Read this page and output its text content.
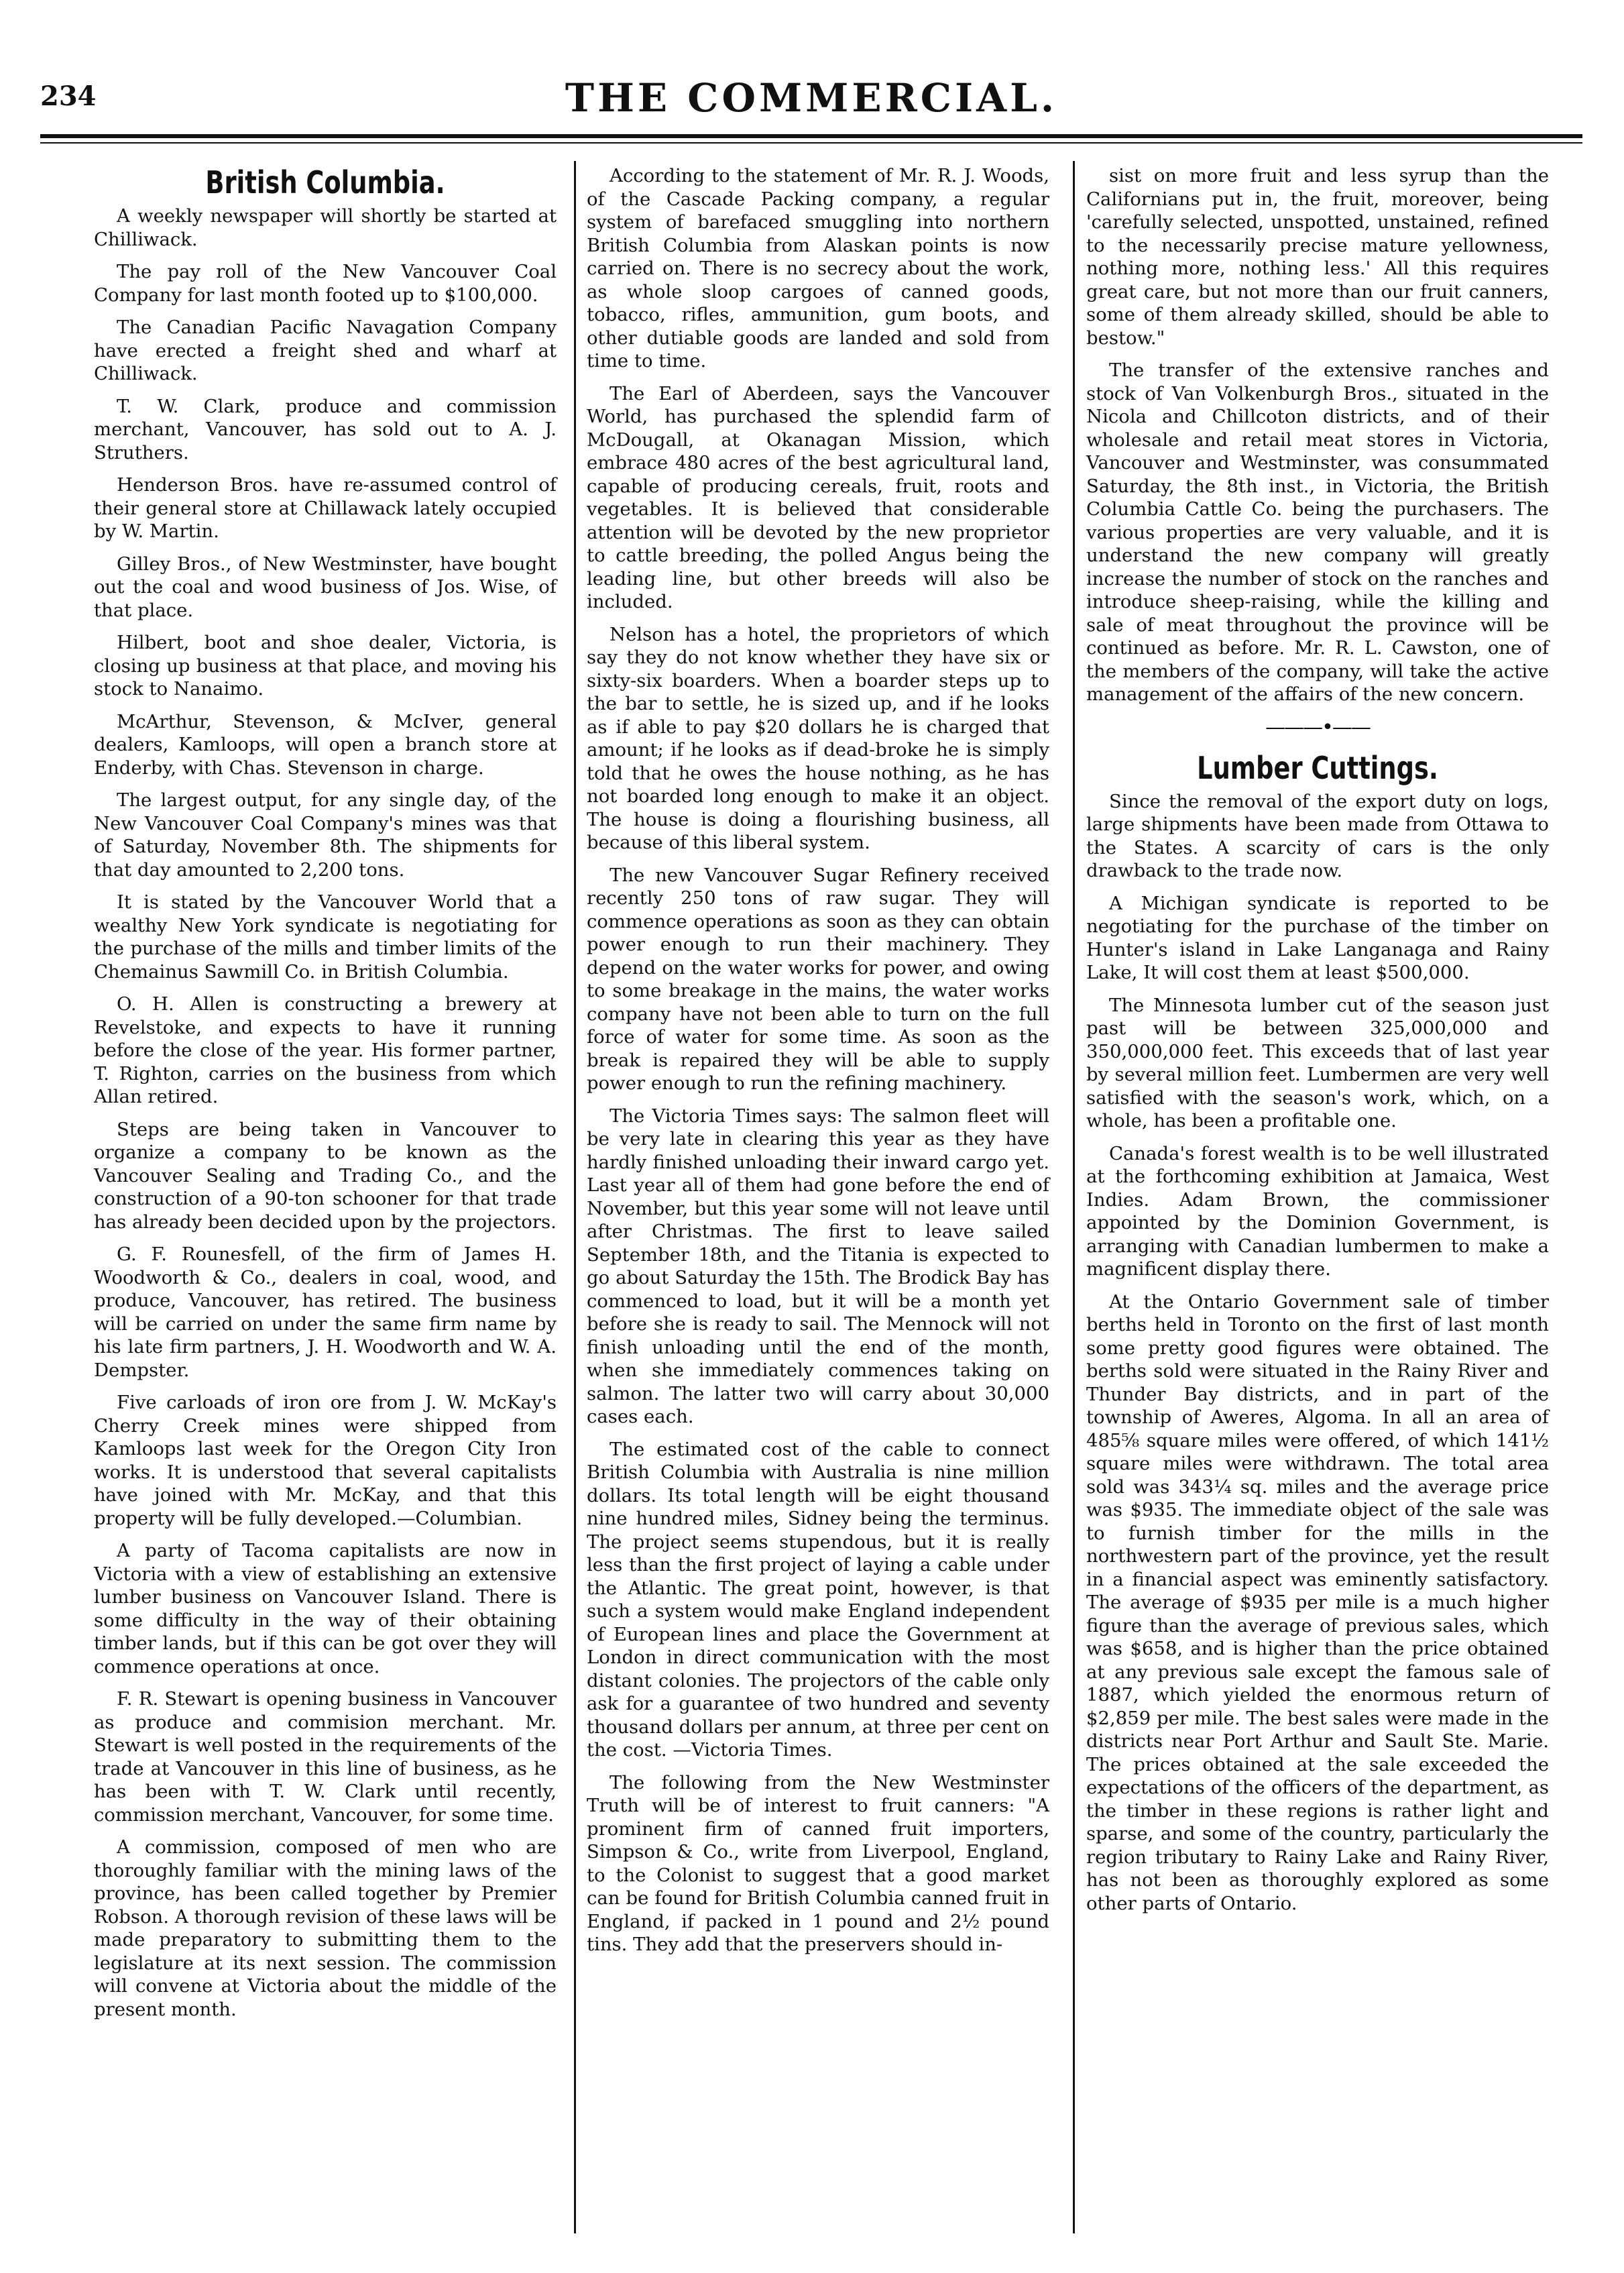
234	THE COMMERCIAL.
British Columbia.

A weekly newspaper will shortly be started at Chilliwack.

The pay roll of the New Vancouver Coal Company for last month footed up to $100,000.

The Canadian Pacific Navagation Company have erected a freight shed and wharf at Chilliwack.

T. W. Clark, produce and commission merchant, Vancouver, has sold out to A. J. Struthers.

Henderson Bros. have re-assumed control of their general store at Chillawack lately occupied by W. Martin.

Gilley Bros., of New Westminster, have bought out the coal and wood business of Jos. Wise, of that place.

Hilbert, boot and shoe dealer, Victoria, is closing up business at that place, and moving his stock to Nanaimo.

McArthur, Stevenson, & McIver, general dealers, Kamloops, will open a branch store at Enderby, with Chas. Stevenson in charge.

The largest output, for any single day, of the New Vancouver Coal Company's mines was that of Saturday, November 8th. The shipments for that day amounted to 2,200 tons.

It is stated by the Vancouver World that a wealthy New York syndicate is negotiating for the purchase of the mills and timber limits of the Chemainus Sawmill Co. in British Columbia.

O. H. Allen is constructing a brewery at Revelstoke, and expects to have it running before the close of the year. His former partner, T. Righton, carries on the business from which Allan retired.

Steps are being taken in Vancouver to organize a company to be known as the Vancouver Sealing and Trading Co., and the construction of a 90-ton schooner for that trade has already been decided upon by the projectors.

G. F. Rounesfell, of the firm of James H. Woodworth & Co., dealers in coal, wood, and produce, Vancouver, has retired. The business will be carried on under the same firm name by his late firm partners, J. H. Woodworth and W. A. Dempster.

Five carloads of iron ore from J. W. McKay's Cherry Creek mines were shipped from Kamloops last week for the Oregon City Iron works. It is understood that several capitalists have joined with Mr. McKay, and that this property will be fully developed.—Columbian.

A party of Tacoma capitalists are now in Victoria with a view of establishing an extensive lumber business on Vancouver Island. There is some difficulty in the way of their obtaining timber lands, but if this can be got over they will commence operations at once.

F. R. Stewart is opening business in Vancouver as produce and commision merchant. Mr. Stewart is well posted in the requirements of the trade at Vancouver in this line of business, as he has been with T. W. Clark until recently, commission merchant, Vancouver, for some time.

A commission, composed of men who are thoroughly familiar with the mining laws of the province, has been called together by Premier Robson. A thorough revision of these laws will be made preparatory to submitting them to the legislature at its next session. The commission will convene at Victoria about the middle of the present month.

According to the statement of Mr. R. J. Woods, of the Cascade Packing company, a regular system of barefaced smuggling into northern British Columbia from Alaskan points is now carried on. There is no secrecy about the work, as whole sloop cargoes of canned goods, tobacco, rifles, ammunition, gum boots, and other dutiable goods are landed and sold from time to time.

The Earl of Aberdeen, says the Vancouver World, has purchased the splendid farm of McDougall, at Okanagan Mission, which embrace 480 acres of the best agricultural land, capable of producing cereals, fruit, roots and vegetables. It is believed that considerable attention will be devoted by the new proprietor to cattle breeding, the polled Angus being the leading line, but other breeds will also be included.

Nelson has a hotel, the proprietors of which say they do not know whether they have six or sixty-six boarders. When a boarder steps up to the bar to settle, he is sized up, and if he looks as if able to pay $20 dollars he is charged that amount; if he looks as if dead-broke he is simply told that he owes the house nothing, as he has not boarded long enough to make it an object. The house is doing a flourishing business, all because of this liberal system.

The new Vancouver Sugar Refinery received recently 250 tons of raw sugar. They will commence operations as soon as they can obtain power enough to run their machinery. They depend on the water works for power, and owing to some breakage in the mains, the water works company have not been able to turn on the full force of water for some time. As soon as the break is repaired they will be able to supply power enough to run the refining machinery.

The Victoria Times says: The salmon fleet will be very late in clearing this year as they have hardly finished unloading their inward cargo yet. Last year all of them had gone before the end of November, but this year some will not leave until after Christmas. The first to leave sailed September 18th, and the Titania is expected to go about Saturday the 15th. The Brodick Bay has commenced to load, but it will be a month yet before she is ready to sail. The Mennock will not finish unloading until the end of the month, when she immediately commences taking on salmon. The latter two will carry about 30,000 cases each.

The estimated cost of the cable to connect British Columbia with Australia is nine million dollars. Its total length will be eight thousand nine hundred miles, Sidney being the terminus. The project seems stupendous, but it is really less than the first project of laying a cable under the Atlantic. The great point, however, is that such a system would make England independent of European lines and place the Government at London in direct communication with the most distant colonies. The projectors of the cable only ask for a guarantee of two hundred and seventy thousand dollars per annum, at three per cent on the cost. —Victoria Times.

The following from the New Westminster Truth will be of interest to fruit canners: "A prominent firm of canned fruit importers, Simpson & Co., write from Liverpool, England, to the Colonist to suggest that a good market can be found for British Columbia canned fruit in England, if packed in 1 pound and 2½ pound tins. They add that the preservers should in-

sist on more fruit and less syrup than the Californians put in, the fruit, moreover, being 'carefully selected, unspotted, unstained, refined to the necessarily precise mature yellowness, nothing more, nothing less.' All this requires great care, but not more than our fruit canners, some of them already skilled, should be able to bestow."

The transfer of the extensive ranches and stock of Van Volkenburgh Bros., situated in the Nicola and Chillcoton districts, and of their wholesale and retail meat stores in Victoria, Vancouver and Westminster, was consummated Saturday, the 8th inst., in Victoria, the British Columbia Cattle Co. being the purchasers. The various properties are very valuable, and it is understand the new company will greatly increase the number of stock on the ranches and introduce sheep-raising, while the killing and sale of meat throughout the province will be continued as before. Mr. R. L. Cawston, one of the members of the company, will take the active management of the affairs of the new concern.

———•——
Lumber Cuttings.

Since the removal of the export duty on logs, large shipments have been made from Ottawa to the States. A scarcity of cars is the only drawback to the trade now.

A Michigan syndicate is reported to be negotiating for the purchase of the timber on Hunter's island in Lake Langanaga and Rainy Lake, It will cost them at least $500,000.

The Minnesota lumber cut of the season just past will be between 325,000,000 and 350,000,000 feet. This exceeds that of last year by several million feet. Lumbermen are very well satisfied with the season's work, which, on a whole, has been a profitable one.

Canada's forest wealth is to be well illustrated at the forthcoming exhibition at Jamaica, West Indies. Adam Brown, the commissioner appointed by the Dominion Government, is arranging with Canadian lumbermen to make a magnificent display there.

At the Ontario Government sale of timber berths held in Toronto on the first of last month some pretty good figures were obtained. The berths sold were situated in the Rainy River and Thunder Bay districts, and in part of the township of Aweres, Algoma. In all an area of 485⅝ square miles were offered, of which 141½ square miles were withdrawn. The total area sold was 343¼ sq. miles and the average price was $935. The immediate object of the sale was to furnish timber for the mills in the northwestern part of the province, yet the result in a financial aspect was eminently satisfactory. The average of $935 per mile is a much higher figure than the average of previous sales, which was $658, and is higher than the price obtained at any previous sale except the famous sale of 1887, which yielded the enormous return of $2,859 per mile. The best sales were made in the districts near Port Arthur and Sault Ste. Marie. The prices obtained at the sale exceeded the expectations of the officers of the department, as the timber in these regions is rather light and sparse, and some of the country, particularly the region tributary to Rainy Lake and Rainy River, has not been as thoroughly explored as some other parts of Ontario.
